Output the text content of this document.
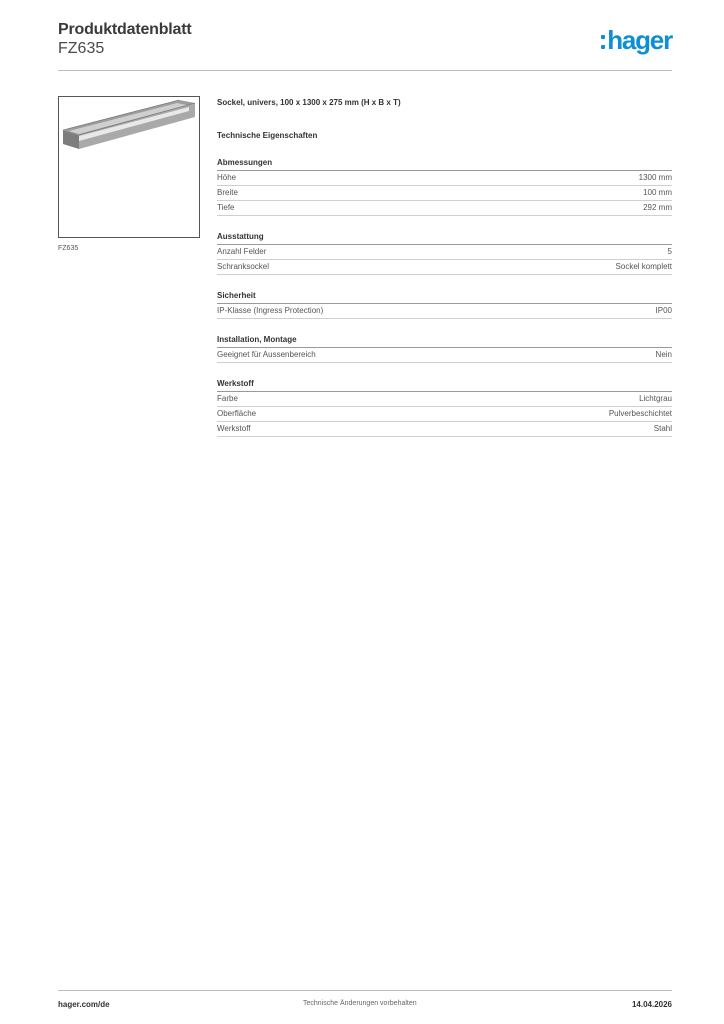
Produktdatenblatt
FZ635	hager
FZ635
Sockel, univers, 100 x 1300 x 275 mm (H x B x T)
Technische Eigenschaften
Abmessungen
Höhe	1300 mm
Breite	100 mm
Tiefe	292 mm
Ausstattung
Anzahl Felder	5
Schranksockel	Sockel komplett
Sicherheit
IP-Klasse (Ingress Protection)	IP00
Installation, Montage
Geeignet für Aussenbereich	Nein
Werkstoff
Farbe	Lichtgrau
Oberfläche	Pulverbeschichtet
Werkstoff	Stahl
hager.com/de	Technische Änderungen vorbehalten	14.04.2026
